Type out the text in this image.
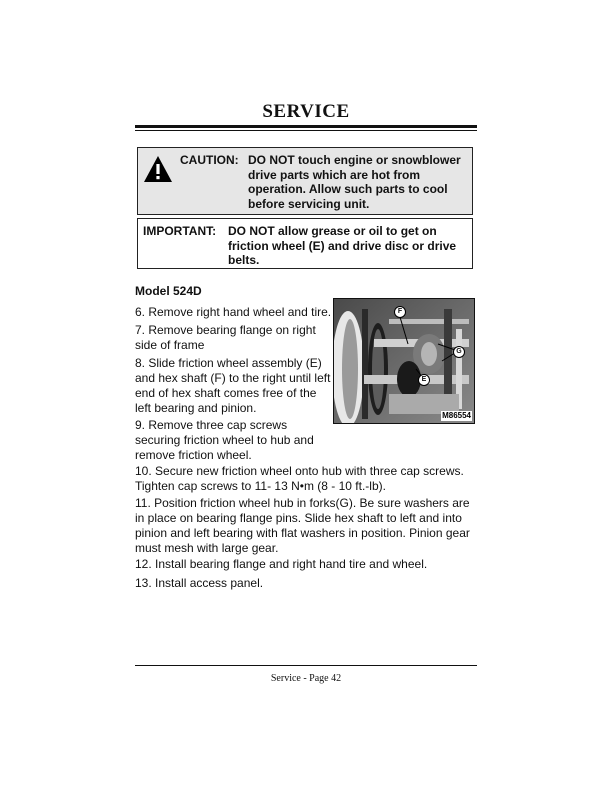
SERVICE
CAUTION: DO NOT touch engine or snowblower
drive parts which are hot from
operation. Allow such parts to cool
before servicing unit.
IMPORTANT: DO NOT allow grease or oil to get on
friction wheel (E) and drive disc or drive
belts.
Model 524D
6. Remove right hand wheel and tire.
7. Remove bearing flange on right
side of frame
8. Slide friction wheel assembly (E)
and hex shaft (F) to the right until left
end of hex shaft comes free of the
left bearing and pinion.
9. Remove three cap screws
securing friction wheel to hub and
remove friction wheel.
10. Secure new friction wheel onto hub with three cap screws.
Tighten cap screws to 11- 13 N•m (8 - 10 ft.-lb).
11. Position friction wheel hub in forks(G). Be sure washers are
in place on bearing flange pins. Slide hex shaft to left and into
pinion and left bearing with flat washers in position. Pinion gear
must mesh with large gear.
12. Install bearing flange and right hand tire and wheel.
13. Install access panel.
F
G
E
M86554
Service - Page 42
